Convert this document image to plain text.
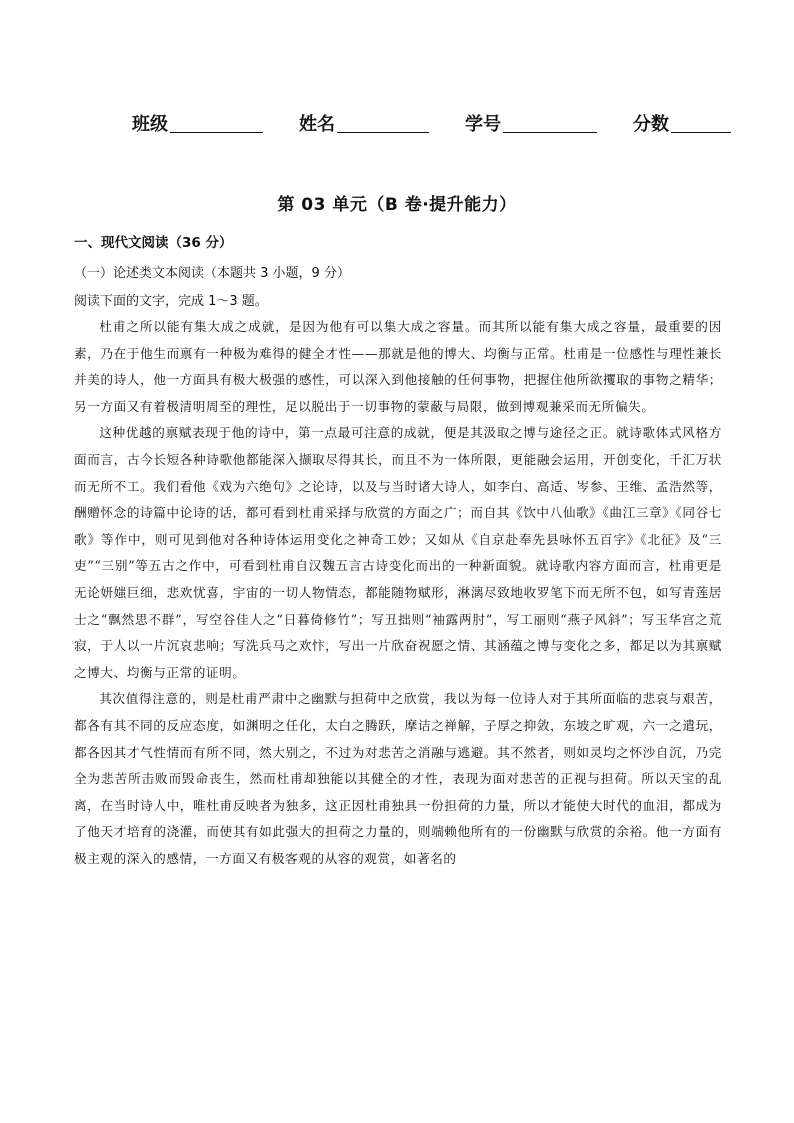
班级	姓名	学号	分数
第 03 单元（B 卷·提升能力）
一、现代文阅读（36 分）
（一）论述类文本阅读（本题共 3 小题，9 分）
阅读下面的文字，完成 1～3 题。

杜甫之所以能有集大成之成就，是因为他有可以集大成之容量。而其所以能有集大成之容量，最重要的因素，乃在于他生而禀有一种极为难得的健全才性——那就是他的博大、均衡与正常。杜甫是一位感性与理性兼长并美的诗人，他一方面具有极大极强的感性，可以深入到他接触的任何事物，把握住他所欲攫取的事物之精华；另一方面又有着极清明周至的理性，足以脱出于一切事物的蒙蔽与局限，做到博观兼采而无所偏失。

这种优越的禀赋表现于他的诗中，第一点最可注意的成就，便是其汲取之博与途径之正。就诗歌体式风格方面而言，古今长短各种诗歌他都能深入撷取尽得其长，而且不为一体所限，更能融会运用，开创变化，千汇万状而无所不工。我们看他《戏为六绝句》之论诗，以及与当时诸大诗人，如李白、高适、岑参、王维、孟浩然等，酬赠怀念的诗篇中论诗的话，都可看到杜甫采择与欣赏的方面之广；而自其《饮中八仙歌》《曲江三章》《同谷七歌》等作中，则可见到他对各种诗体运用变化之神奇工妙；又如从《自京赴奉先县咏怀五百字》《北征》及“三吏”“三别”等五古之作中，可看到杜甫自汉魏五言古诗变化而出的一种新面貌。就诗歌内容方面而言，杜甫更是无论妍媸巨细，悲欢忧喜，宇宙的一切人物情态，都能随物赋形，淋漓尽致地收罗笔下而无所不包，如写青莲居士之“飘然思不群”，写空谷佳人之“日暮倚修竹”；写丑拙则“袖露两肘”，写工丽则“燕子风斜”；写玉华宫之荒寂，于人以一片沉哀悲响；写洗兵马之欢忭，写出一片欣奋祝愿之情、其涵蕴之博与变化之多，都足以为其禀赋之博大、均衡与正常的证明。

其次值得注意的，则是杜甫严肃中之幽默与担荷中之欣赏，我以为每一位诗人对于其所面临的悲哀与艰苦，都各有其不同的反应态度，如渊明之任化，太白之腾跃，摩诘之禅解，子厚之抑敛，东坡之旷观，六一之遣玩，都各因其才气性情而有所不同，然大别之，不过为对悲苦之消融与逃避。其不然者，则如灵均之怀沙自沉，乃完全为悲苦所击败而毁命丧生，然而杜甫却独能以其健全的才性，表现为面对悲苦的正视与担荷。所以天宝的乱离，在当时诗人中，唯杜甫反映者为独多，这正因杜甫独具一份担荷的力量，所以才能使大时代的血泪，都成为了他天才培育的浇灌，而使其有如此强大的担荷之力量的，则端赖他所有的一份幽默与欣赏的余裕。他一方面有极主观的深入的感情，一方面又有极客观的从容的观赏，如著名的
